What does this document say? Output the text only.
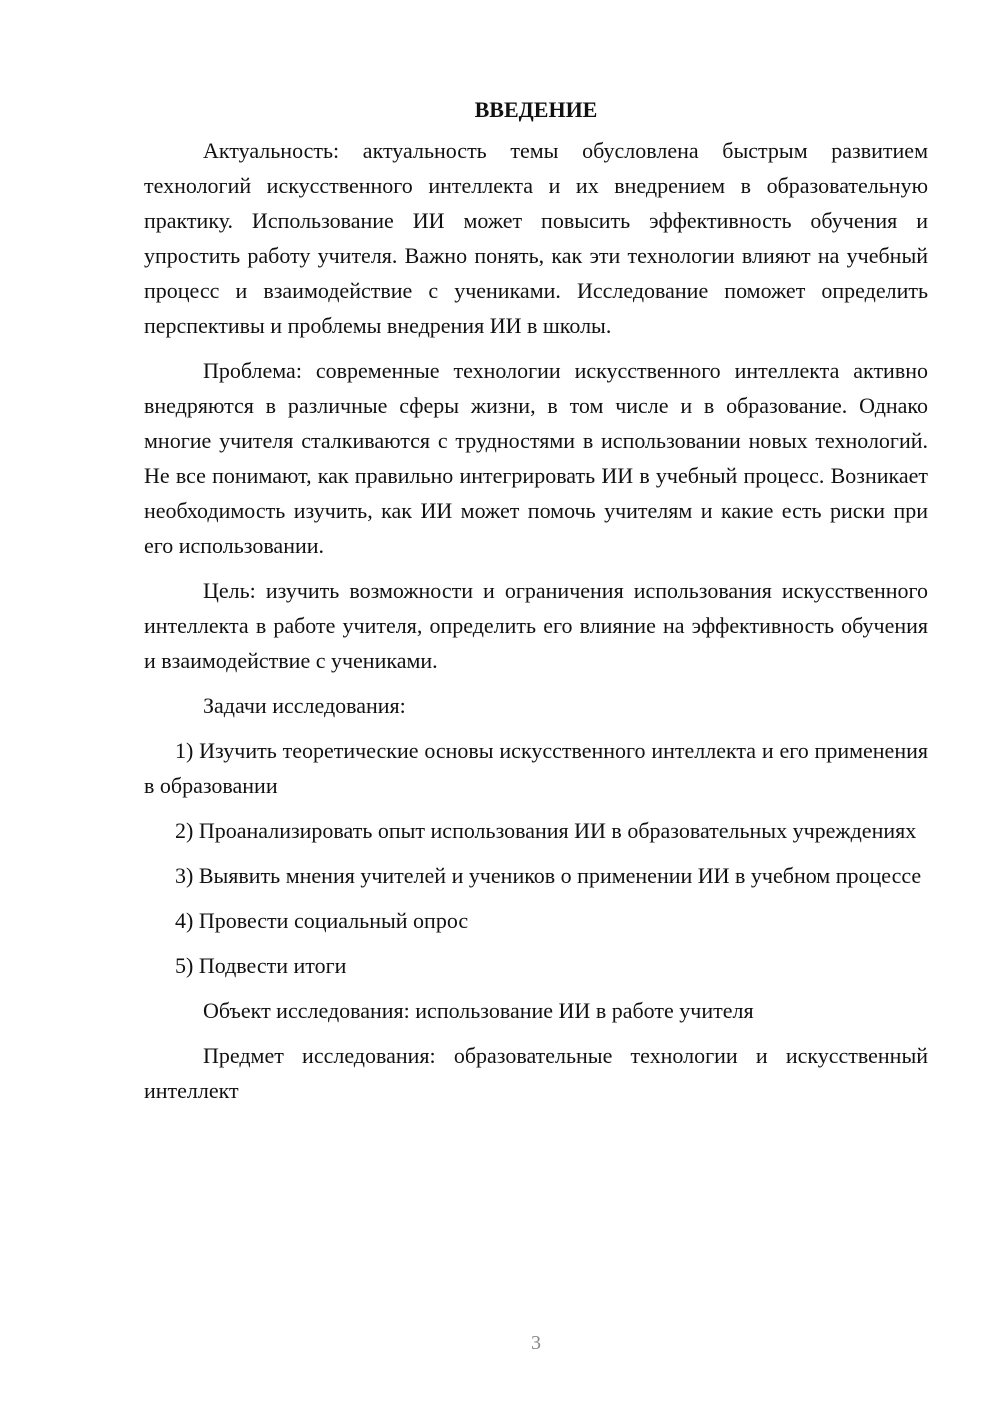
ВВЕДЕНИЕ

Актуальность: актуальность темы обусловлена быстрым развитием технологий искусственного интеллекта и их внедрением в образовательную практику. Использование ИИ может повысить эффективность обучения и упростить работу учителя. Важно понять, как эти технологии влияют на учебный процесс и взаимодействие с учениками. Исследование поможет определить перспективы и проблемы внедрения ИИ в школы.

Проблема: современные технологии искусственного интеллекта активно внедряются в различные сферы жизни, в том числе и в образование. Однако многие учителя сталкиваются с трудностями в использовании новых технологий. Не все понимают, как правильно интегрировать ИИ в учебный процесс. Возникает необходимость изучить, как ИИ может помочь учителям и какие есть риски при его использовании.

Цель: изучить возможности и ограничения использования искусственного интеллекта в работе учителя, определить его влияние на эффективность обучения и взаимодействие с учениками.

Задачи исследования:

1) Изучить теоретические основы искусственного интеллекта и его применения в образовании

2) Проанализировать опыт использования ИИ в образовательных учреждениях

3) Выявить мнения учителей и учеников о применении ИИ в учебном процессе

4) Провести социальный опрос

5) Подвести итоги

Объект исследования: использование ИИ в работе учителя

Предмет исследования: образовательные технологии и искусственный интеллект

3
